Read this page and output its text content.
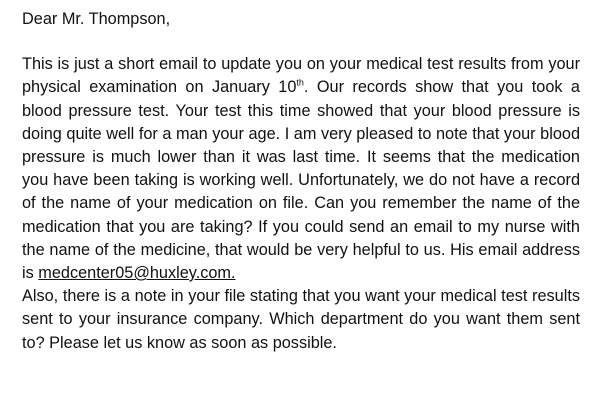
Dear Mr. Thompson,

This is just a short email to update you on your medical test results from your physical examination on January 10th. Our records show that you took a blood pressure test. Your test this time showed that your blood pressure is doing quite well for a man your age. I am very pleased to note that your blood pressure is much lower than it was last time. It seems that the medication you have been taking is working well. Unfortunately, we do not have a record of the name of your medication on file. Can you remember the name of the medication that you are taking? If you could send an email to my nurse with the name of the medicine, that would be very helpful to us. His email address is medcenter05@huxley.com.

Also, there is a note in your file stating that you want your medical test results sent to your insurance company. Which department do you want them sent to? Please let us know as soon as possible.
